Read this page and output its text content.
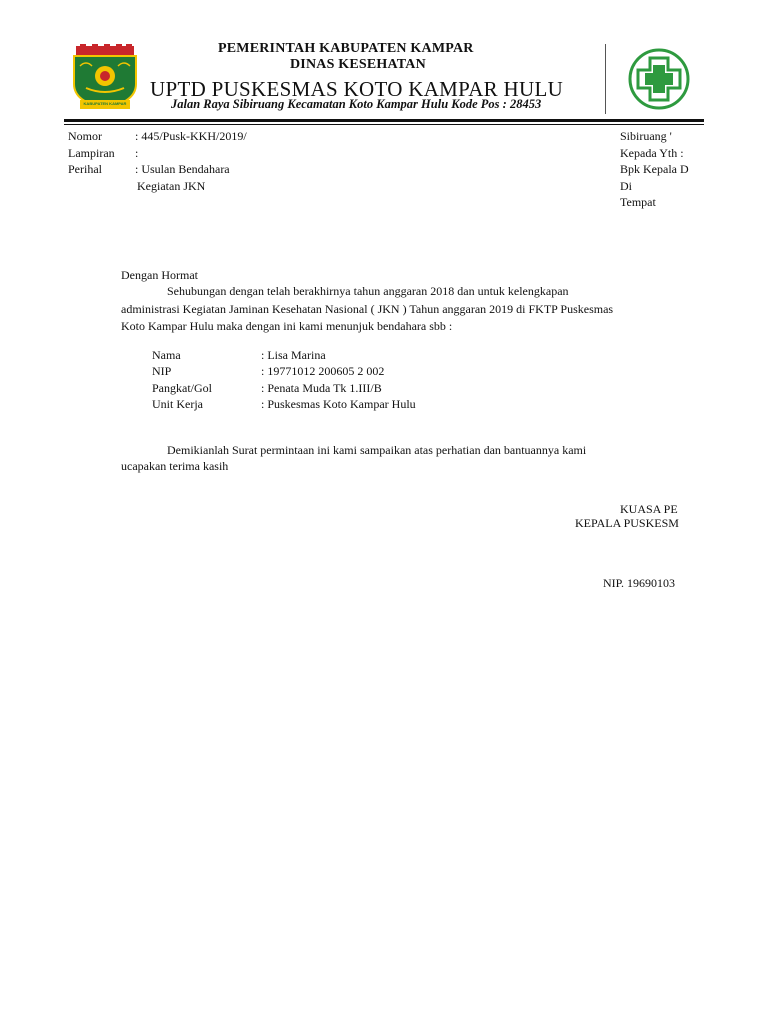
KABUPATEN KAMPAR
PEMERINTAH KABUPATEN KAMPAR
DINAS KESEHATAN
UPTD PUSKESMAS KOTO KAMPAR HULU
Jalan Raya Sibiruang Kecamatan Koto Kampar Hulu Kode Pos : 28453
Nomor	: 445/Pusk-KKH/2019/
Lampiran :
Perihal	: Usulan Bendahara
Kegiatan JKN
Sibiruang '
Kepada Yth :
Bpk Kepala D
Di
Tempat
Dengan Hormat
Sehubungan dengan telah berakhirnya tahun anggaran 2018 dan untuk kelengkapan
administrasi Kegiatan Jaminan Kesehatan Nasional ( JKN ) Tahun anggaran 2019 di FKTP Puskesmas
Koto Kampar Hulu maka dengan ini kami menunjuk bendahara sbb :
Nama	: Lisa Marina
NIP	: 19771012 200605 2 002
Pangkat/Gol	: Penata Muda Tk 1.III/B
Unit Kerja	: Puskesmas Koto Kampar Hulu
Demikianlah Surat permintaan ini kami sampaikan atas perhatian dan bantuannya kami
ucapakan terima kasih
KUASA PE
KEPALA PUSKESM
NIP. 19690103
